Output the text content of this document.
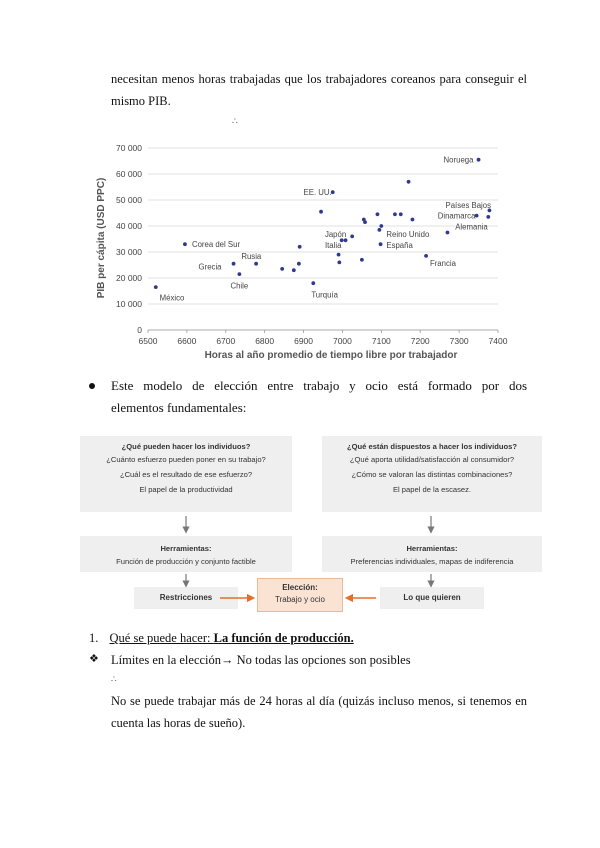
necesitan menos horas trabajadas que los trabajadores coreanos para conseguir el
mismo PIB.
∴
0
10 000
20 000
30 000
40 000
50 000
60 000
70 000
6500 6600 6700 6800 6900 7000 7100 7200 7300 7400
Noruega
EE. UU.
Países Bajos
Dinamarca
Alemania
Corea del Sur
Japón
Italia
Reino Unido
España
Rusia
Grecia
Chile
Francia
Turquía
México
Horas al año promedio de tiempo libre por trabajador
PIB per cápita (USD PPC)
Este modelo de elección entre trabajo y ocio está formado por dos
elementos fundamentales:
¿Qué pueden hacer los individuos?
¿Cuánto esfuerzo pueden poner en su trabajo?
¿Cuál es el resultado de ese esfuerzo?
El papel de la productividad
¿Qué están dispuestos a hacer los individuos?
¿Qué aporta utilidad/satisfacción al consumidor?
¿Cómo se valoran las distintas combinaciones?
El papel de la escasez.
Herramientas:
Función de producción y conjunto factible
Herramientas:
Preferencias individuales, mapas de indiferencia
Restricciones	Lo que quieren
Elección:
Trabajo y ocio
1. Qué se puede hacer: La función de producción.
❖ Límites en la elección→ No todas las opciones son posibles
∴
No se puede trabajar más de 24 horas al día (quizás incluso menos, si tenemos en
cuenta las horas de sueño).
